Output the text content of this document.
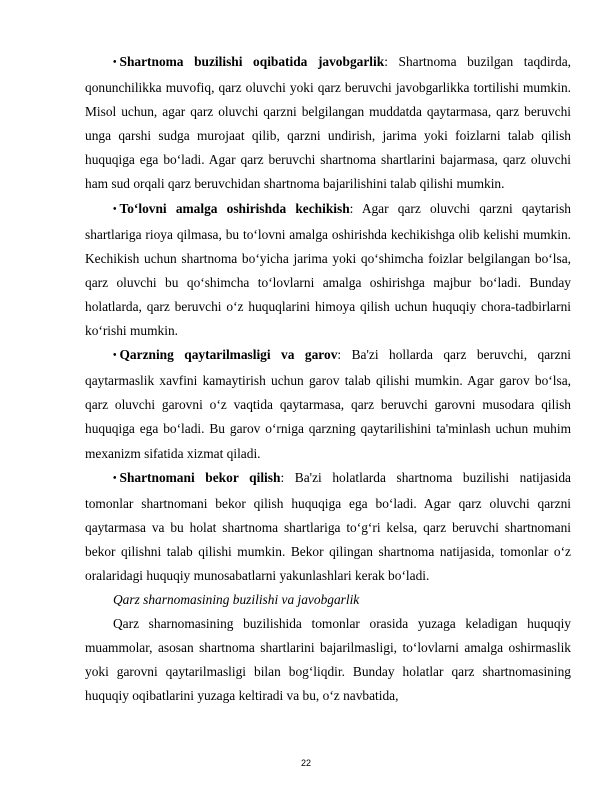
• Shartnoma buzilishi oqibatida javobgarlik: Shartnoma buzilgan taqdirda, qonunchilikka muvofiq, qarz oluvchi yoki qarz beruvchi javobgarlikka tortilishi mumkin. Misol uchun, agar qarz oluvchi qarzni belgilangan muddatda qaytarmasa, qarz beruvchi unga qarshi sudga murojaat qilib, qarzni undirish, jarima yoki foizlarni talab qilish huquqiga ega bo‘ladi. Agar qarz beruvchi shartnoma shartlarini bajarmasa, qarz oluvchi ham sud orqali qarz beruvchidan shartnoma bajarilishini talab qilishi mumkin.

• To‘lovni amalga oshirishda kechikish: Agar qarz oluvchi qarzni qaytarish shartlariga rioya qilmasa, bu to‘lovni amalga oshirishda kechikishga olib kelishi mumkin. Kechikish uchun shartnoma bo‘yicha jarima yoki qo‘shimcha foizlar belgilangan bo‘lsa, qarz oluvchi bu qo‘shimcha to‘lovlarni amalga oshirishga majbur bo‘ladi. Bunday holatlarda, qarz beruvchi o‘z huquqlarini himoya qilish uchun huquqiy chora-tadbirlarni ko‘rishi mumkin.

• Qarzning qaytarilmasligi va garov: Ba'zi hollarda qarz beruvchi, qarzni qaytarmaslik xavfini kamaytirish uchun garov talab qilishi mumkin. Agar garov bo‘lsa, qarz oluvchi garovni o‘z vaqtida qaytarmasa, qarz beruvchi garovni musodara qilish huquqiga ega bo‘ladi. Bu garov o‘rniga qarzning qaytarilishini ta'minlash uchun muhim mexanizm sifatida xizmat qiladi.

• Shartnomani bekor qilish: Ba'zi holatlarda shartnoma buzilishi natijasida tomonlar shartnomani bekor qilish huquqiga ega bo‘ladi. Agar qarz oluvchi qarzni qaytarmasa va bu holat shartnoma shartlariga to‘g‘ri kelsa, qarz beruvchi shartnomani bekor qilishni talab qilishi mumkin. Bekor qilingan shartnoma natijasida, tomonlar o‘z oralaridagi huquqiy munosabatlarni yakunlashlari kerak bo‘ladi.

Qarz sharnomasining buzilishi va javobgarlik

Qarz sharnomasining buzilishida tomonlar orasida yuzaga keladigan huquqiy muammolar, asosan shartnoma shartlarini bajarilmasligi, to‘lovlarni amalga oshirmaslik yoki garovni qaytarilmasligi bilan bog‘liqdir. Bunday holatlar qarz shartnomasining huquqiy oqibatlarini yuzaga keltiradi va bu, o‘z navbatida,

22
